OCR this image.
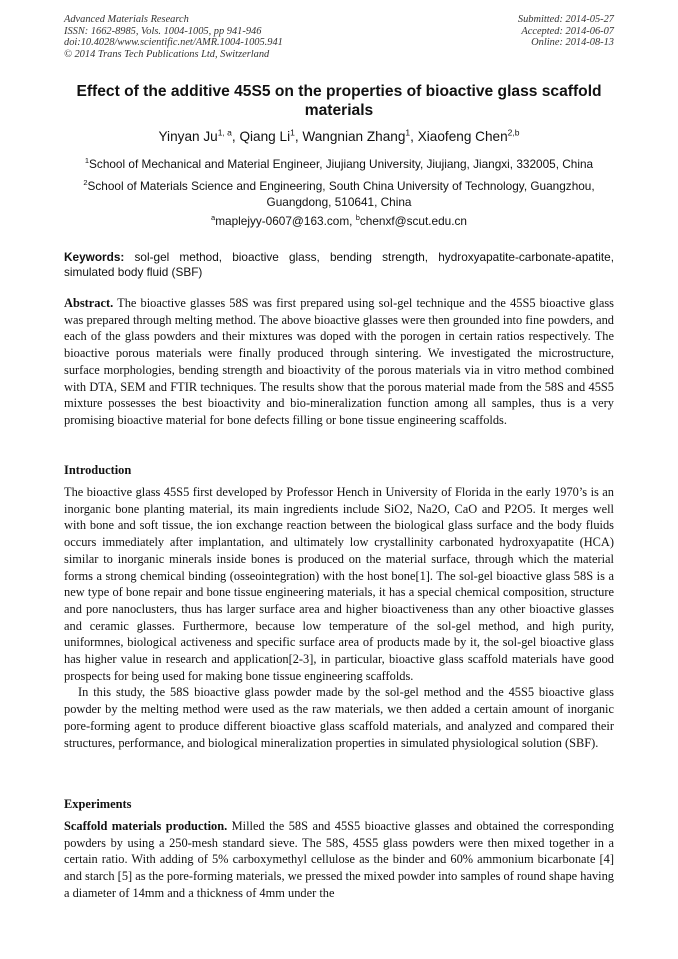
Advanced Materials Research
ISSN: 1662-8985, Vols. 1004-1005, pp 941-946
doi:10.4028/www.scientific.net/AMR.1004-1005.941
© 2014 Trans Tech Publications Ltd, Switzerland
Submitted: 2014-05-27
Accepted: 2014-06-07
Online: 2014-08-13
Effect of the additive 45S5 on the properties of bioactive glass scaffold materials
Yinyan Ju$^{1, a}$, Qiang Li$^1$, Wangnian Zhang$^1$, Xiaofeng Chen$^{2,b}$
$^1$School of Mechanical and Material Engineer, Jiujiang University, Jiujiang, Jiangxi, 332005, China
$^2$School of Materials Science and Engineering, South China University of Technology, Guangzhou, Guangdong, 510641, China
$^a$maplejyy-0607@163.com, $^b$chenxf@scut.edu.cn
Keywords: sol-gel method, bioactive glass, bending strength, hydroxyapatite-carbonate-apatite, simulated body fluid (SBF)
Abstract. The bioactive glasses 58S was first prepared using sol-gel technique and the 45S5 bioactive glass was prepared through melting method. The above bioactive glasses were then grounded into fine powders, and each of the glass powders and their mixtures was doped with the porogen in certain ratios respectively. The bioactive porous materials were finally produced through sintering. We investigated the microstructure, surface morphologies, bending strength and bioactivity of the porous materials via in vitro method combined with DTA, SEM and FTIR techniques. The results show that the porous material made from the 58S and 45S5 mixture possesses the best bioactivity and bio-mineralization function among all samples, thus is a very promising bioactive material for bone defects filling or bone tissue engineering scaffolds.
Introduction

The bioactive glass 45S5 first developed by Professor Hench in University of Florida in the early 1970’s is an inorganic bone planting material, its main ingredients include SiO2, Na2O, CaO and P2O5. It merges well with bone and soft tissue, the ion exchange reaction between the biological glass surface and the body fluids occurs immediately after implantation, and ultimately low crystallinity carbonated hydroxyapatite (HCA) similar to inorganic minerals inside bones is produced on the material surface, through which the material forms a strong chemical binding (osseointegration) with the host bone[1]. The sol-gel bioactive glass 58S is a new type of bone repair and bone tissue engineering materials, it has a special chemical composition, structure and pore nanoclusters, thus has larger surface area and higher bioactiveness than any other bioactive glasses and ceramic glasses. Furthermore, because low temperature of the sol-gel method, and high purity, uniformnes, biological activeness and specific surface area of products made by it, the sol-gel bioactive glass has higher value in research and application[2-3], in particular, bioactive glass scaffold materials have good prospects for being used for making bone tissue engineering scaffolds.

In this study, the 58S bioactive glass powder made by the sol-gel method and the 45S5 bioactive glass powder by the melting method were used as the raw materials, we then added a certain amount of inorganic pore-forming agent to produce different bioactive glass scaffold materials, and analyzed and compared their structures, performance, and biological mineralization properties in simulated physiological solution (SBF).

Experiments
Scaffold materials production. Milled the 58S and 45S5 bioactive glasses and obtained the corresponding powders by using a 250-mesh standard sieve. The 58S, 45S5 glass powders were then mixed together in a certain ratio. With adding of 5% carboxymethyl cellulose as the binder and 60% ammonium bicarbonate [4] and starch [5] as the pore-forming materials, we pressed the mixed powder into samples of round shape having a diameter of 14mm and a thickness of 4mm under the
